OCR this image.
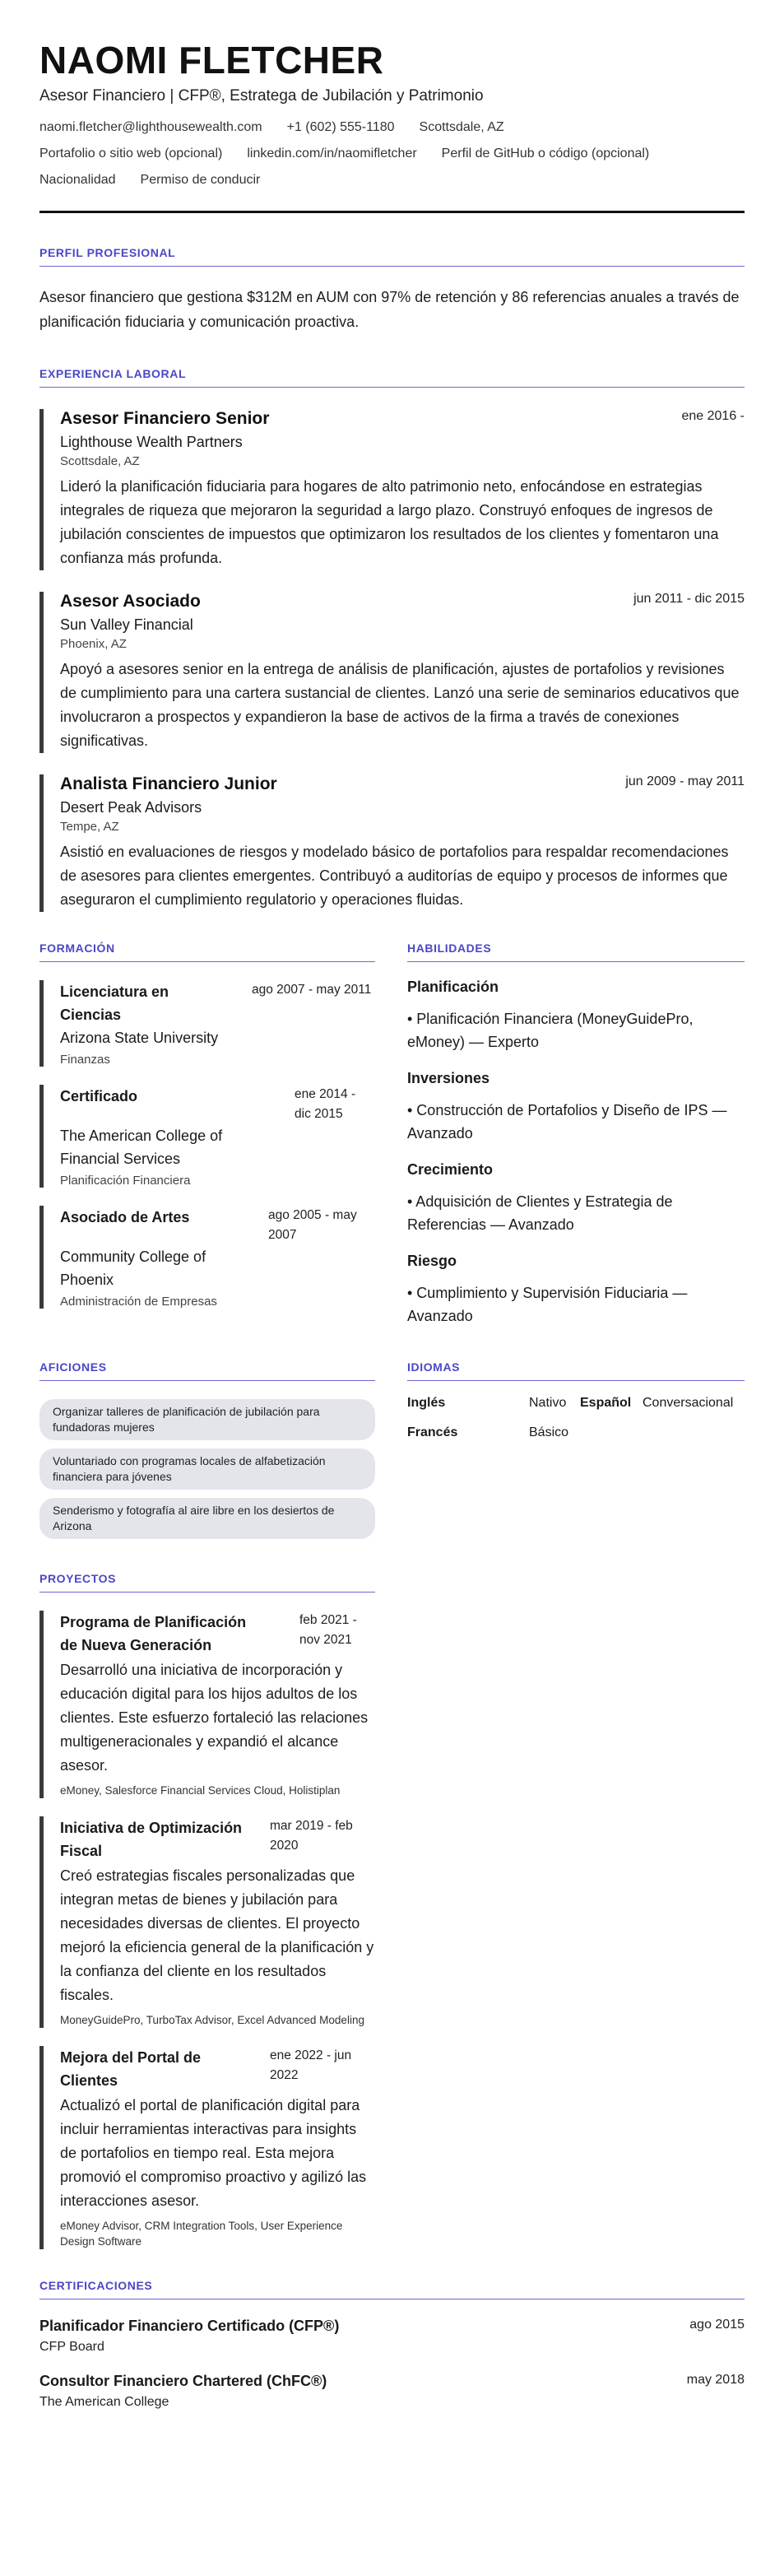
NAOMI FLETCHER
Asesor Financiero | CFP®, Estratega de Jubilación y Patrimonio
naomi.fletcher@lighthousewealth.com +1 (602) 555-1180 Scottsdale, AZ
Portafolio o sitio web (opcional) linkedin.com/in/naomifletcher Perfil de GitHub o código (opcional)
Nacionalidad Permiso de conducir
PERFIL PROFESIONAL
Asesor financiero que gestiona $312M en AUM con 97% de retención y 86 referencias anuales a través de planificación fiduciaria y comunicación proactiva.
EXPERIENCIA LABORAL
Asesor Financiero Senior	ene 2016 -
Lighthouse Wealth Partners
Scottsdale, AZ
Lideró la planificación fiduciaria para hogares de alto patrimonio neto, enfocándose en estrategias integrales de riqueza que mejoraron la seguridad a largo plazo. Construyó enfoques de ingresos de jubilación conscientes de impuestos que optimizaron los resultados de los clientes y fomentaron una confianza más profunda.
Asesor Asociado	jun 2011 - dic 2015
Sun Valley Financial
Phoenix, AZ
Apoyó a asesores senior en la entrega de análisis de planificación, ajustes de portafolios y revisiones de cumplimiento para una cartera sustancial de clientes. Lanzó una serie de seminarios educativos que involucraron a prospectos y expandieron la base de activos de la firma a través de conexiones significativas.
Analista Financiero Junior	jun 2009 - may 2011
Desert Peak Advisors
Tempe, AZ
Asistió en evaluaciones de riesgos y modelado básico de portafolios para respaldar recomendaciones de asesores para clientes emergentes. Contribuyó a auditorías de equipo y procesos de informes que aseguraron el cumplimiento regulatorio y operaciones fluidas.
FORMACIÓN
Licenciatura en Ciencias
ago 2007 - may 2011
Arizona State University
Finanzas
Certificado	ene 2014 - dic 2015
The American College of Financial Services
Planificación Financiera
Asociado de Artes	ago 2005 - may 2007
Community College of Phoenix
Administración de Empresas
HABILIDADES
Planificación
• Planificación Financiera (MoneyGuidePro, eMoney) — Experto
Inversiones
• Construcción de Portafolios y Diseño de IPS — Avanzado
Crecimiento
• Adquisición de Clientes y Estrategia de Referencias — Avanzado
Riesgo
• Cumplimiento y Supervisión Fiduciaria — Avanzado
AFICIONES
Organizar talleres de planificación de jubilación para fundadoras mujeres
Voluntariado con programas locales de alfabetización financiera para jóvenes
Senderismo y fotografía al aire libre en los desiertos de Arizona
IDIOMAS
Inglés	Nativo	Español Conversacional
Francés	Básico
PROYECTOS
Programa de Planificación de Nueva Generación
feb 2021 - nov 2021
Desarrolló una iniciativa de incorporación y educación digital para los hijos adultos de los clientes. Este esfuerzo fortaleció las relaciones multigeneracionales y expandió el alcance asesor.
eMoney, Salesforce Financial Services Cloud, Holistiplan
Iniciativa de Optimización Fiscal
mar 2019 - feb 2020
Creó estrategias fiscales personalizadas que integran metas de bienes y jubilación para necesidades diversas de clientes. El proyecto mejoró la eficiencia general de la planificación y la confianza del cliente en los resultados fiscales.
MoneyGuidePro, TurboTax Advisor, Excel Advanced Modeling
Mejora del Portal de Clientes
ene 2022 - jun 2022
Actualizó el portal de planificación digital para incluir herramientas interactivas para insights de portafolios en tiempo real. Esta mejora promovió el compromiso proactivo y agilizó las interacciones asesor.
eMoney Advisor, CRM Integration Tools, User Experience Design Software
CERTIFICACIONES
Planificador Financiero Certificado (CFP®)	ago 2015
CFP Board
Consultor Financiero Chartered (ChFC®)	may 2018
The American College
